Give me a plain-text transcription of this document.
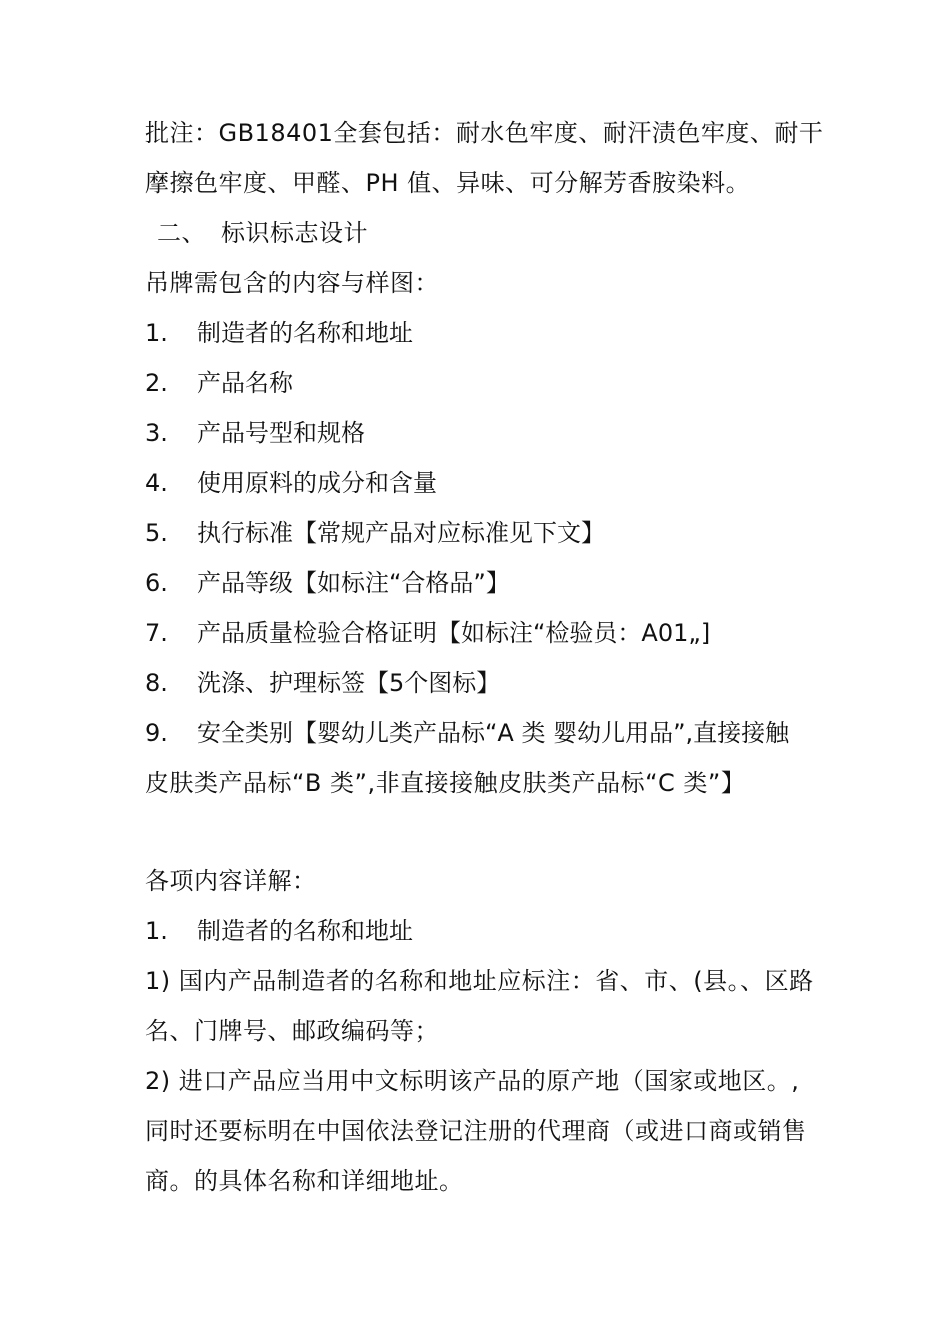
批注：GB18401全套包括：耐水色牢度、耐汗渍色牢度、耐干
摩擦色牢度、甲醛、PH 值、异味、可分解芳香胺染料。
二、 标识标志设计
吊牌需包含的内容与样图：
1. 制造者的名称和地址
2. 产品名称
3. 产品号型和规格
4. 使用原料的成分和含量
5. 执行标准【常规产品对应标准见下文】
6. 产品等级【如标注“合格品”】
7. 产品质量检验合格证明【如标注“检验员：A01„]
8. 洗涤、护理标签【5个图标】
9. 安全类别【婴幼儿类产品标“A 类 婴幼儿用品”,直接接触
皮肤类产品标“B 类”,非直接接触皮肤类产品标“C 类”】
各项内容详解：
1. 制造者的名称和地址
1) 国内产品制造者的名称和地址应标注：省、市、(县。、区路
名、门牌号、邮政编码等；
2) 进口产品应当用中文标明该产品的原产地（国家或地区。,
同时还要标明在中国依法登记注册的代理商（或进口商或销售
商。的具体名称和详细地址。
